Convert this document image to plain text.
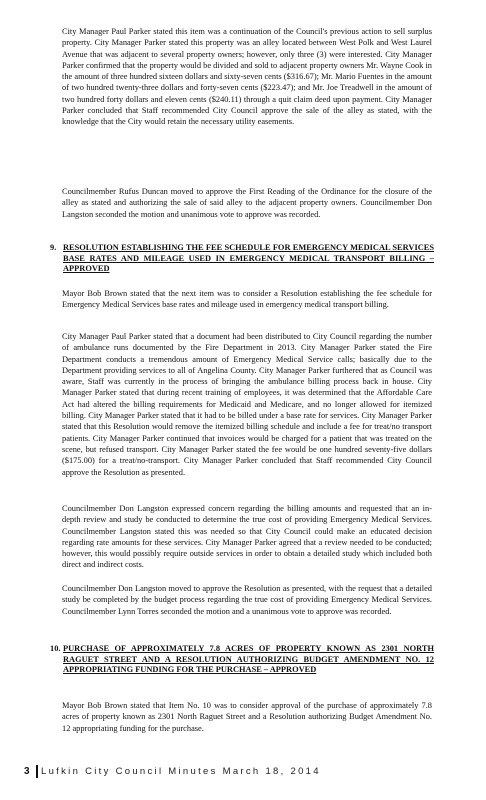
City Manager Paul Parker stated this item was a continuation of the Council's previous action to sell surplus property. City Manager Parker stated this property was an alley located between West Polk and West Laurel Avenue that was adjacent to several property owners; however, only three (3) were interested. City Manager Parker confirmed that the property would be divided and sold to adjacent property owners Mr. Wayne Cook in the amount of three hundred sixteen dollars and sixty-seven cents ($316.67); Mr. Mario Fuentes in the amount of two hundred twenty-three dollars and forty-seven cents ($223.47); and Mr. Joe Treadwell in the amount of two hundred forty dollars and eleven cents ($240.11) through a quit claim deed upon payment. City Manager Parker concluded that Staff recommended City Council approve the sale of the alley as stated, with the knowledge that the City would retain the necessary utility easements.

Councilmember Rufus Duncan moved to approve the First Reading of the Ordinance for the closure of the alley as stated and authorizing the sale of said alley to the adjacent property owners. Councilmember Don Langston seconded the motion and unanimous vote to approve was recorded.

9. RESOLUTION ESTABLISHING THE FEE SCHEDULE FOR EMERGENCY MEDICAL SERVICES BASE RATES AND MILEAGE USED IN EMERGENCY MEDICAL TRANSPORT BILLING – APPROVED

Mayor Bob Brown stated that the next item was to consider a Resolution establishing the fee schedule for Emergency Medical Services base rates and mileage used in emergency medical transport billing.

City Manager Paul Parker stated that a document had been distributed to City Council regarding the number of ambulance runs documented by the Fire Department in 2013. City Manager Parker stated the Fire Department conducts a tremendous amount of Emergency Medical Service calls; basically due to the Department providing services to all of Angelina County. City Manager Parker furthered that as Council was aware, Staff was currently in the process of bringing the ambulance billing process back in house. City Manager Parker stated that during recent training of employees, it was determined that the Affordable Care Act had altered the billing requirements for Medicaid and Medicare, and no longer allowed for itemized billing. City Manager Parker stated that it had to be billed under a base rate for services. City Manager Parker stated that this Resolution would remove the itemized billing schedule and include a fee for treat/no transport patients. City Manager Parker continued that invoices would be charged for a patient that was treated on the scene, but refused transport. City Manager Parker stated the fee would be one hundred seventy-five dollars ($175.00) for a treat/no-transport. City Manager Parker concluded that Staff recommended City Council approve the Resolution as presented.

Councilmember Don Langston expressed concern regarding the billing amounts and requested that an in-depth review and study be conducted to determine the true cost of providing Emergency Medical Services. Councilmember Langston stated this was needed so that City Council could make an educated decision regarding rate amounts for these services. City Manager Parker agreed that a review needed to be conducted; however, this would possibly require outside services in order to obtain a detailed study which included both direct and indirect costs.

Councilmember Don Langston moved to approve the Resolution as presented, with the request that a detailed study be completed by the budget process regarding the true cost of providing Emergency Medical Services. Councilmember Lynn Torres seconded the motion and a unanimous vote to approve was recorded.

10. PURCHASE OF APPROXIMATELY 7.8 ACRES OF PROPERTY KNOWN AS 2301 NORTH RAGUET STREET AND A RESOLUTION AUTHORIZING BUDGET AMENDMENT NO. 12 APPROPRIATING FUNDING FOR THE PURCHASE – APPROVED

Mayor Bob Brown stated that Item No. 10 was to consider approval of the purchase of approximately 7.8 acres of property known as 2301 North Raguet Street and a Resolution authorizing Budget Amendment No. 12 appropriating funding for the purchase.

3	Lufkin City Council Minutes March 18, 2014
